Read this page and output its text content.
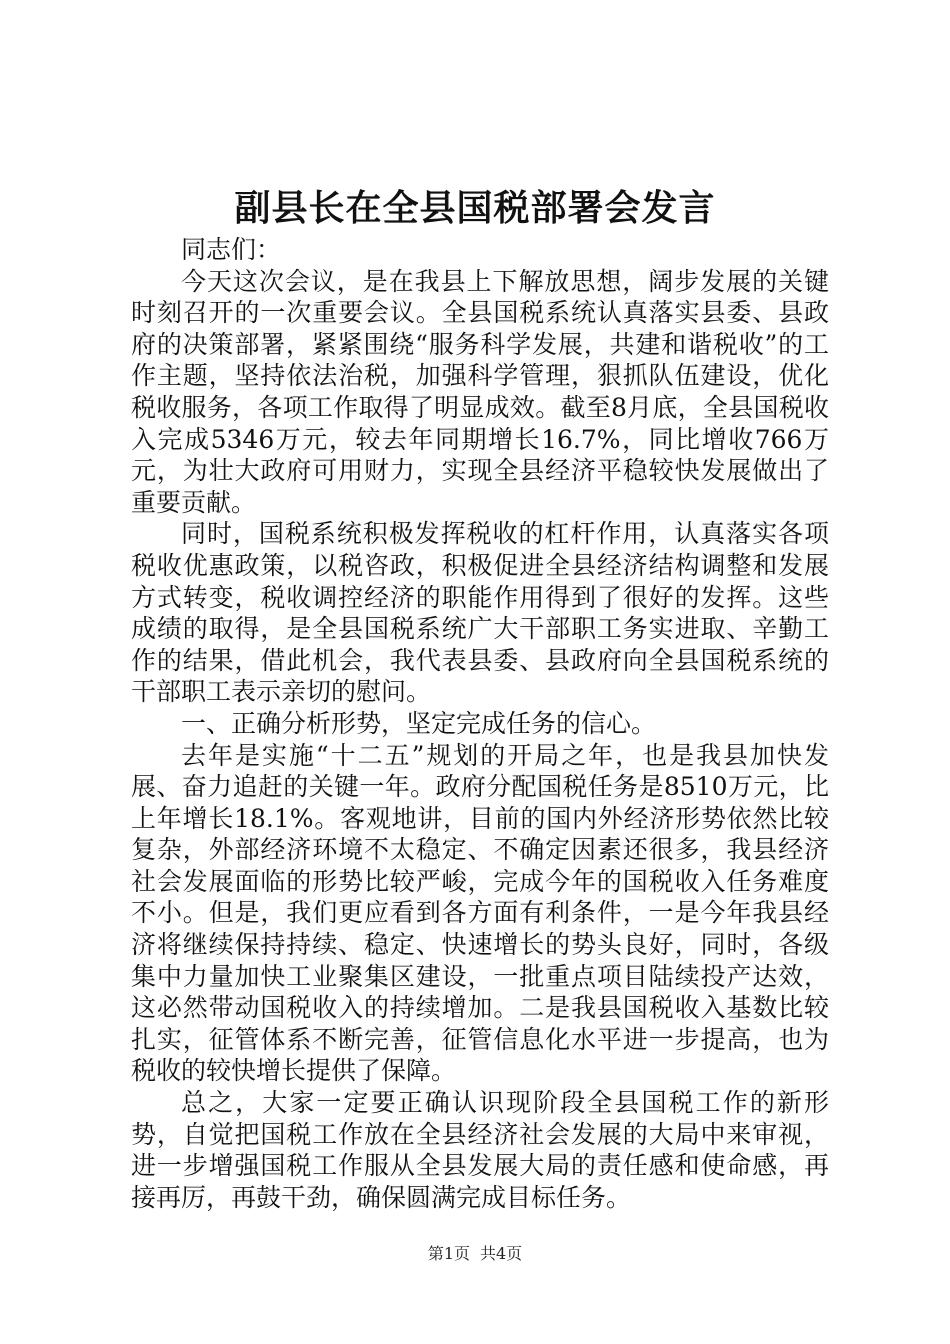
副县长在全县国税部署会发言

同志们：

今天这次会议，是在我县上下解放思想，阔步发展的关键时刻召开的一次重要会议。全县国税系统认真落实县委、县政府的决策部署，紧紧围绕“服务科学发展，共建和谐税收”的工作主题，坚持依法治税，加强科学管理，狠抓队伍建设，优化税收服务，各项工作取得了明显成效。截至8月底，全县国税收入完成5346万元，较去年同期增长16.7%，同比增收766万元，为壮大政府可用财力，实现全县经济平稳较快发展做出了重要贡献。

同时，国税系统积极发挥税收的杠杆作用，认真落实各项税收优惠政策，以税咨政，积极促进全县经济结构调整和发展方式转变，税收调控经济的职能作用得到了很好的发挥。这些成绩的取得，是全县国税系统广大干部职工务实进取、辛勤工作的结果，借此机会，我代表县委、县政府向全县国税系统的干部职工表示亲切的慰问。

一、正确分析形势，坚定完成任务的信心。

去年是实施“十二五”规划的开局之年，也是我县加快发展、奋力追赶的关键一年。政府分配国税任务是8510万元，比上年增长18.1%。客观地讲，目前的国内外经济形势依然比较复杂，外部经济环境不太稳定、不确定因素还很多，我县经济社会发展面临的形势比较严峻，完成今年的国税收入任务难度不小。但是，我们更应看到各方面有利条件，一是今年我县经济将继续保持持续、稳定、快速增长的势头良好，同时，各级集中力量加快工业聚集区建设，一批重点项目陆续投产达效，这必然带动国税收入的持续增加。二是我县国税收入基数比较扎实，征管体系不断完善，征管信息化水平进一步提高，也为税收的较快增长提供了保障。

总之，大家一定要正确认识现阶段全县国税工作的新形势，自觉把国税工作放在全县经济社会发展的大局中来审视，进一步增强国税工作服从全县发展大局的责任感和使命感，再接再厉，再鼓干劲，确保圆满完成目标任务。

第1页 共4页
